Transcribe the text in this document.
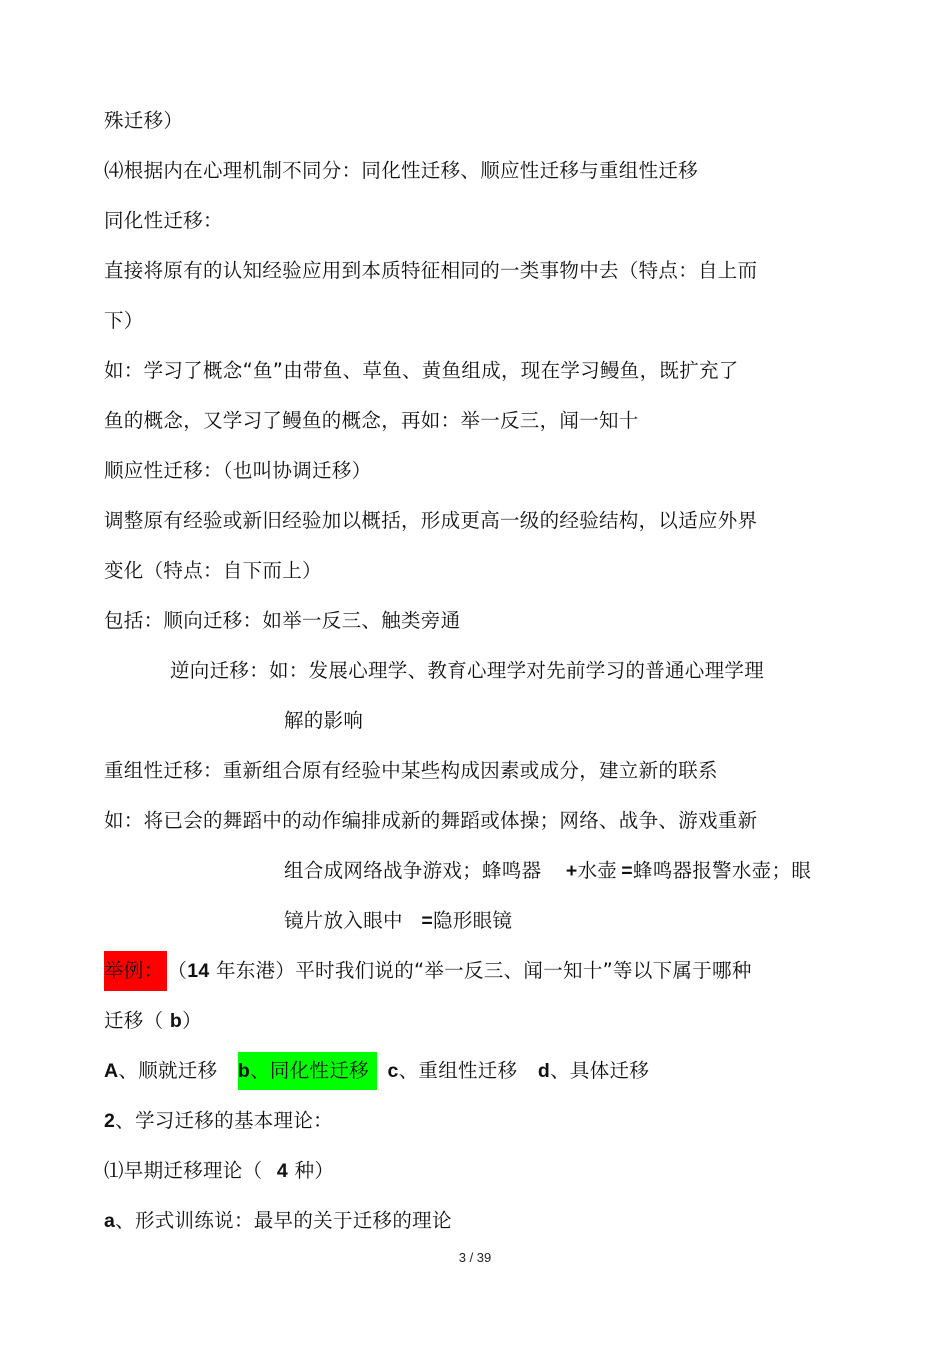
殊迁移）
⑷根据内在心理机制不同分：同化性迁移、顺应性迁移与重组性迁移
同化性迁移：
直接将原有的认知经验应用到本质特征相同的一类事物中去（特点：自上而
下）
如：学习了概念“鱼”由带鱼、草鱼、黄鱼组成，现在学习鳗鱼，既扩充了
鱼的概念，又学习了鳗鱼的概念，再如：举一反三，闻一知十
顺应性迁移：（也叫协调迁移）
调整原有经验或新旧经验加以概括，形成更高一级的经验结构，以适应外界
变化（特点：自下而上）
包括：顺向迁移：如举一反三、触类旁通
逆向迁移：如：发展心理学、教育心理学对先前学习的普通心理学理
解的影响
重组性迁移：重新组合原有经验中某些构成因素或成分，建立新的联系
如：将已会的舞蹈中的动作编排成新的舞蹈或体操；网络、战争、游戏重新
组合成网络战争游戏；蜂鸣器 +水壶 =蜂鸣器报警水壶；眼
镜片放入眼中 =隐形眼镜
举例： （14 年东港）平时我们说的“举一反三、闻一知十”等以下属于哪种
迁移（ b）
A、顺就迁移 b、同化性迁移 c、重组性迁移 d、具体迁移
2、学习迁移的基本理论：
⑴早期迁移理论（ 4 种）
a、形式训练说：最早的关于迁移的理论
3 / 39
